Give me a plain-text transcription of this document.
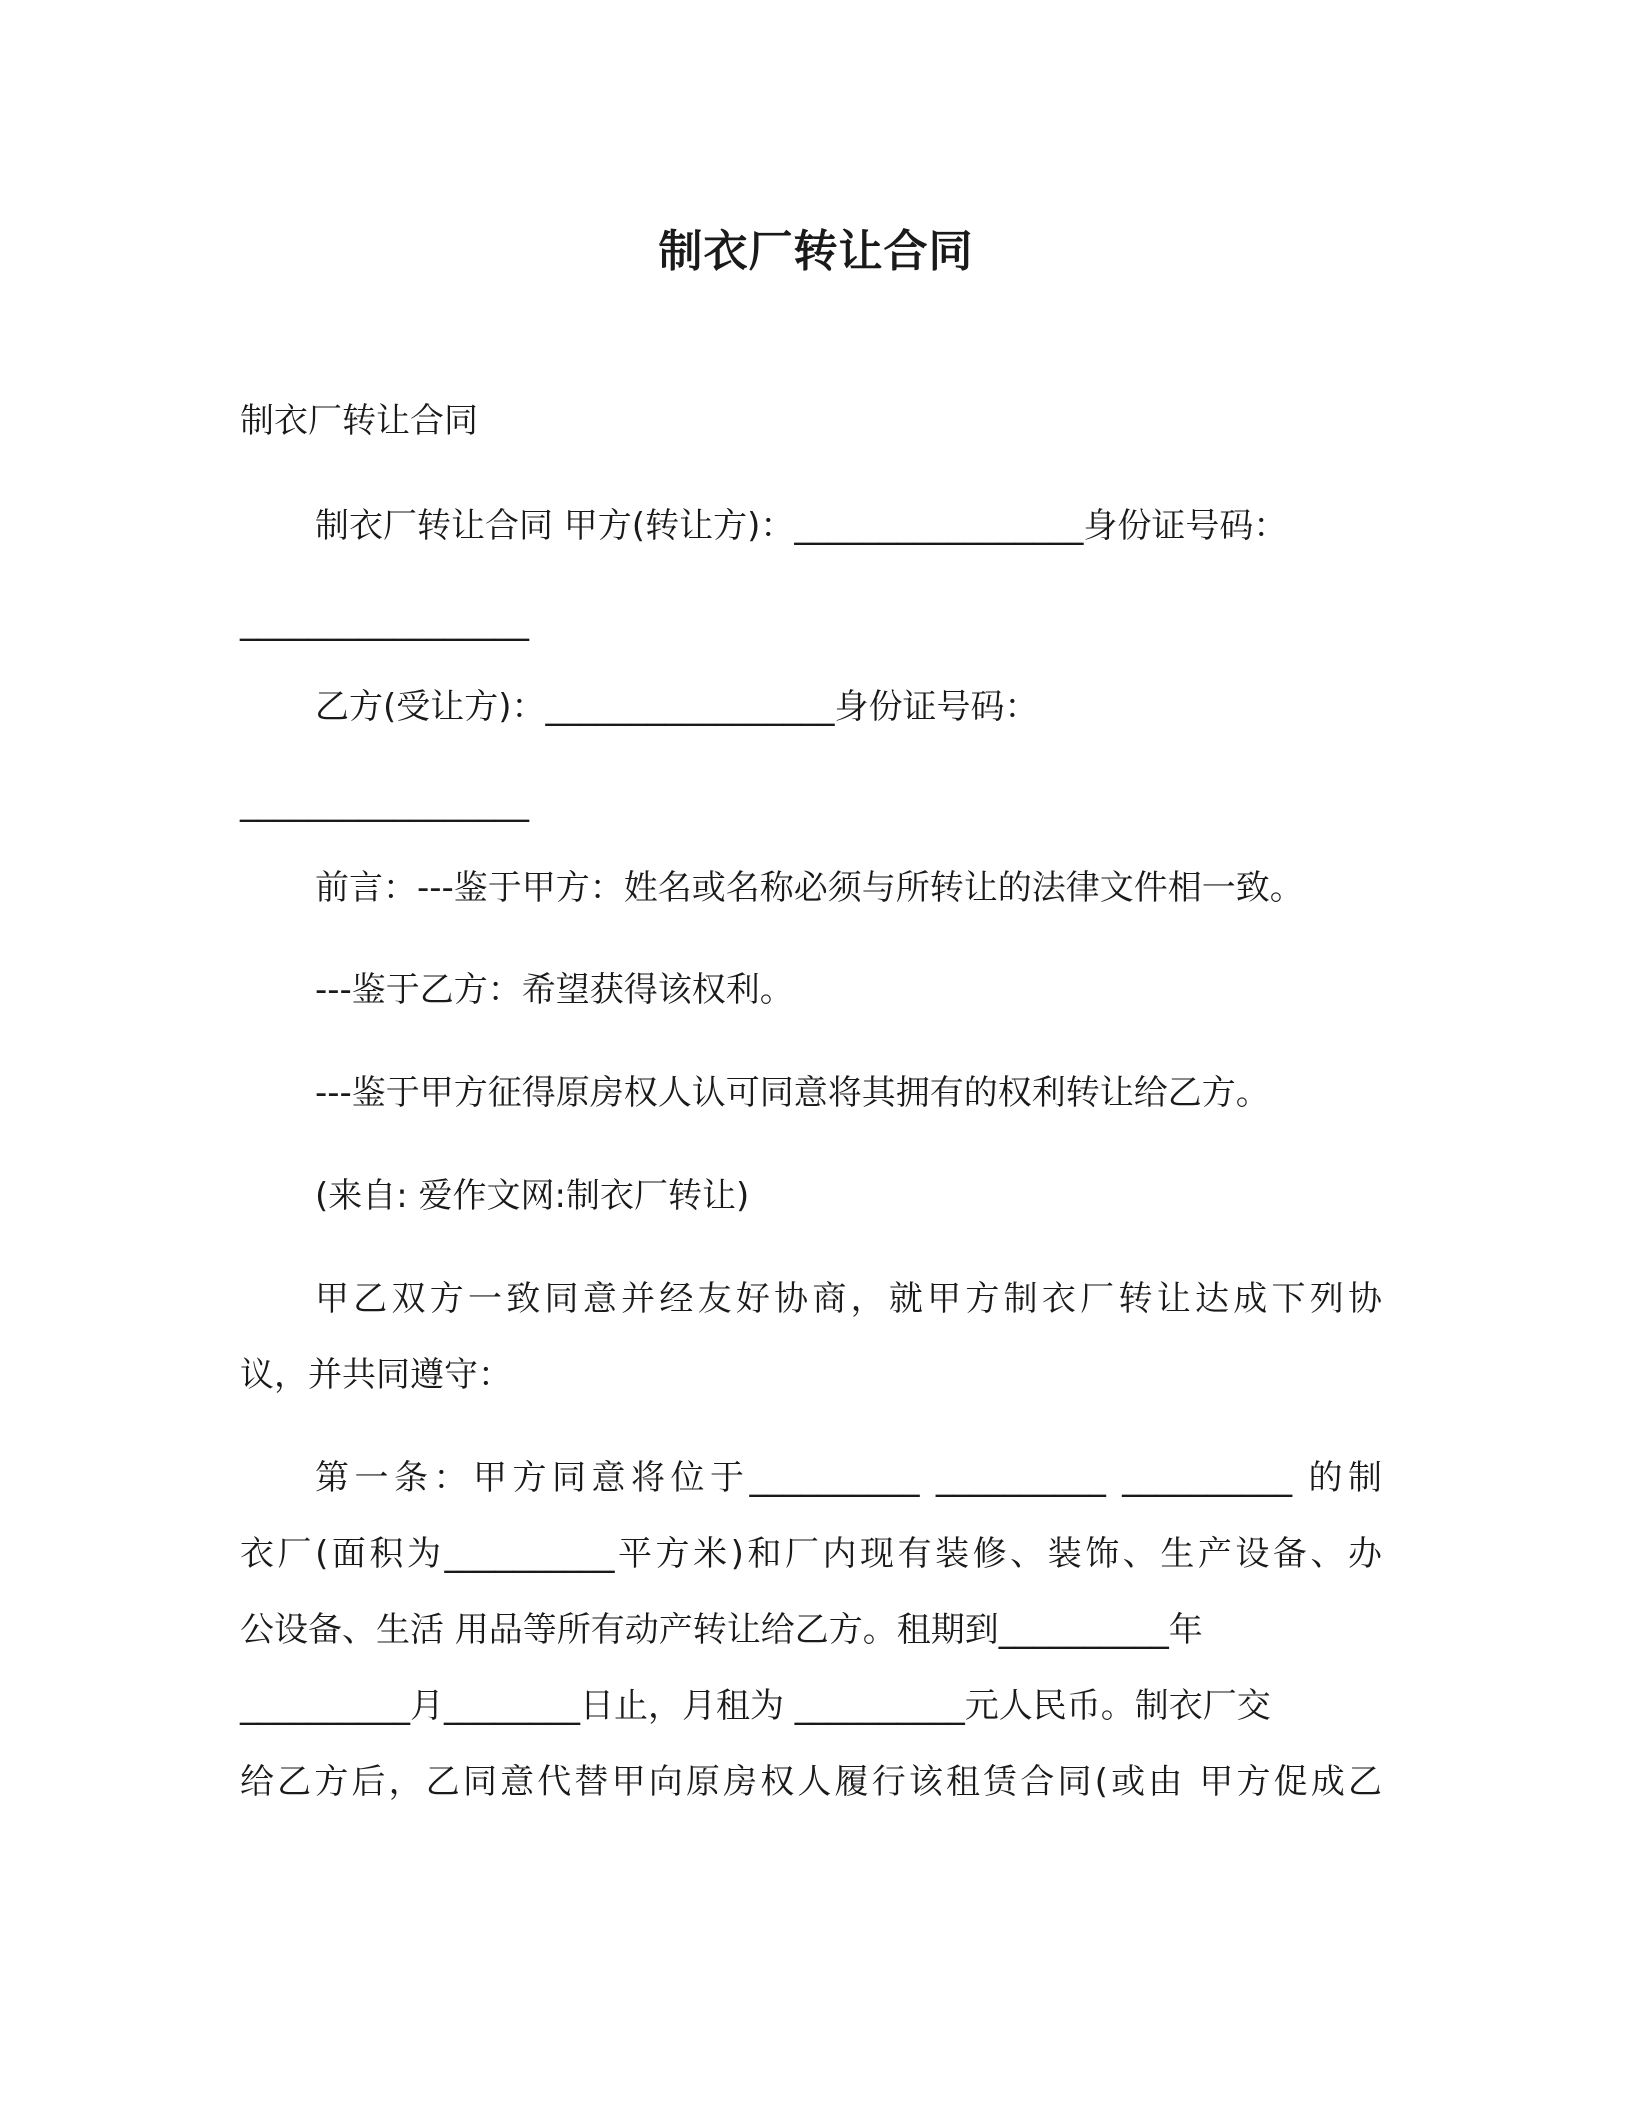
制衣厂转让合同

制衣厂转让合同

制衣厂转让合同 甲方(转让方)：_________________身份证号码：

_________________

乙方(受让方)：_________________身份证号码：

_________________

前言：---鉴于甲方：姓名或名称必须与所转让的法律文件相一致。

---鉴于乙方：希望获得该权利。

---鉴于甲方征得原房权人认可同意将其拥有的权利转让给乙方。

(来自: 爱作文网:制衣厂转让)

甲乙双方一致同意并经友好协商，就甲方制衣厂转让达成下列协

议，并共同遵守：

第一条：甲方同意将位于__________ __________ __________ 的制

衣厂(面积为__________平方米)和厂内现有装修、装饰、生产设备、办

公设备、生活 用品等所有动产转让给乙方。租期到__________年

__________月________日止，月租为 __________元人民币。制衣厂交

给乙方后，乙同意代替甲向原房权人履行该租赁合同(或由 甲方促成乙
